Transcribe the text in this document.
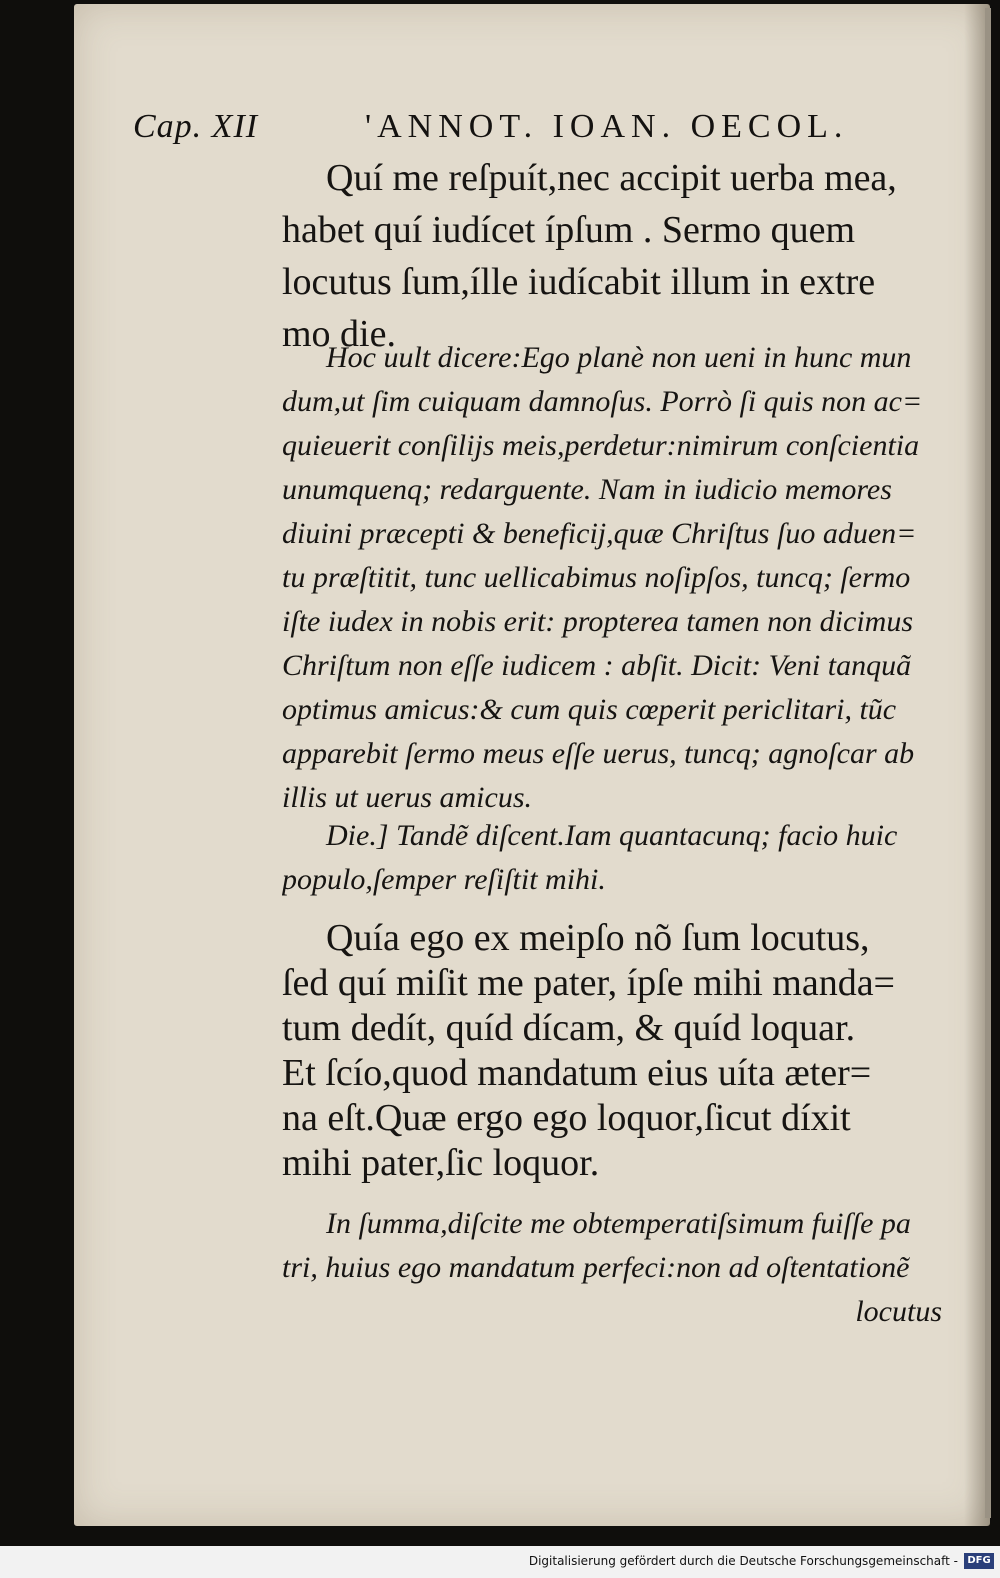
Cap. XII	'ANNOT. IOAN. OECOL.
Quí me reſpuít,nec accipit uerba mea,
habet quí iudícet ípſum . Sermo quem
locutus ſum,ílle iudícabit illum in extre
mo die.
Hoc uult dicere:Ego planè non ueni in hunc mun
dum,ut ſim cuiquam damnoſus. Porrò ſi quis non ac=
quieuerit conſilijs meis,perdetur:nimirum conſcientia
unumquenq; redarguente. Nam in iudicio memores
diuini præcepti & beneficij,quæ Chriſtus ſuo aduen=
tu præſtitit, tunc uellicabimus noſipſos, tuncq; ſermo
iſte iudex in nobis erit: propterea tamen non dicimus
Chriſtum non eſſe iudicem : abſit. Dicit: Veni tanquã
optimus amicus:& cum quis cœperit periclitari, tũc
apparebit ſermo meus eſſe uerus, tuncq; agnoſcar ab
illis ut uerus amicus.
Die.] Tandẽ diſcent.Iam quantacunq; facio huic
populo,ſemper reſiſtit mihi.
Quía ego ex meipſo nõ ſum locutus,
ſed quí miſit me pater, ípſe mihi manda=
tum dedít, quíd dícam, & quíd loquar.
Et ſcío,quod mandatum eius uíta æter=
na eſt.Quæ ergo ego loquor,ſicut díxit
mihi pater,ſic loquor.
In ſumma,diſcite me obtemperatiſsimum fuiſſe pa
tri, huius ego mandatum perfeci:non ad oſtentationẽ
locutus
Digitalisierung gefördert durch die Deutsche Forschungsgemeinschaft - DFG
